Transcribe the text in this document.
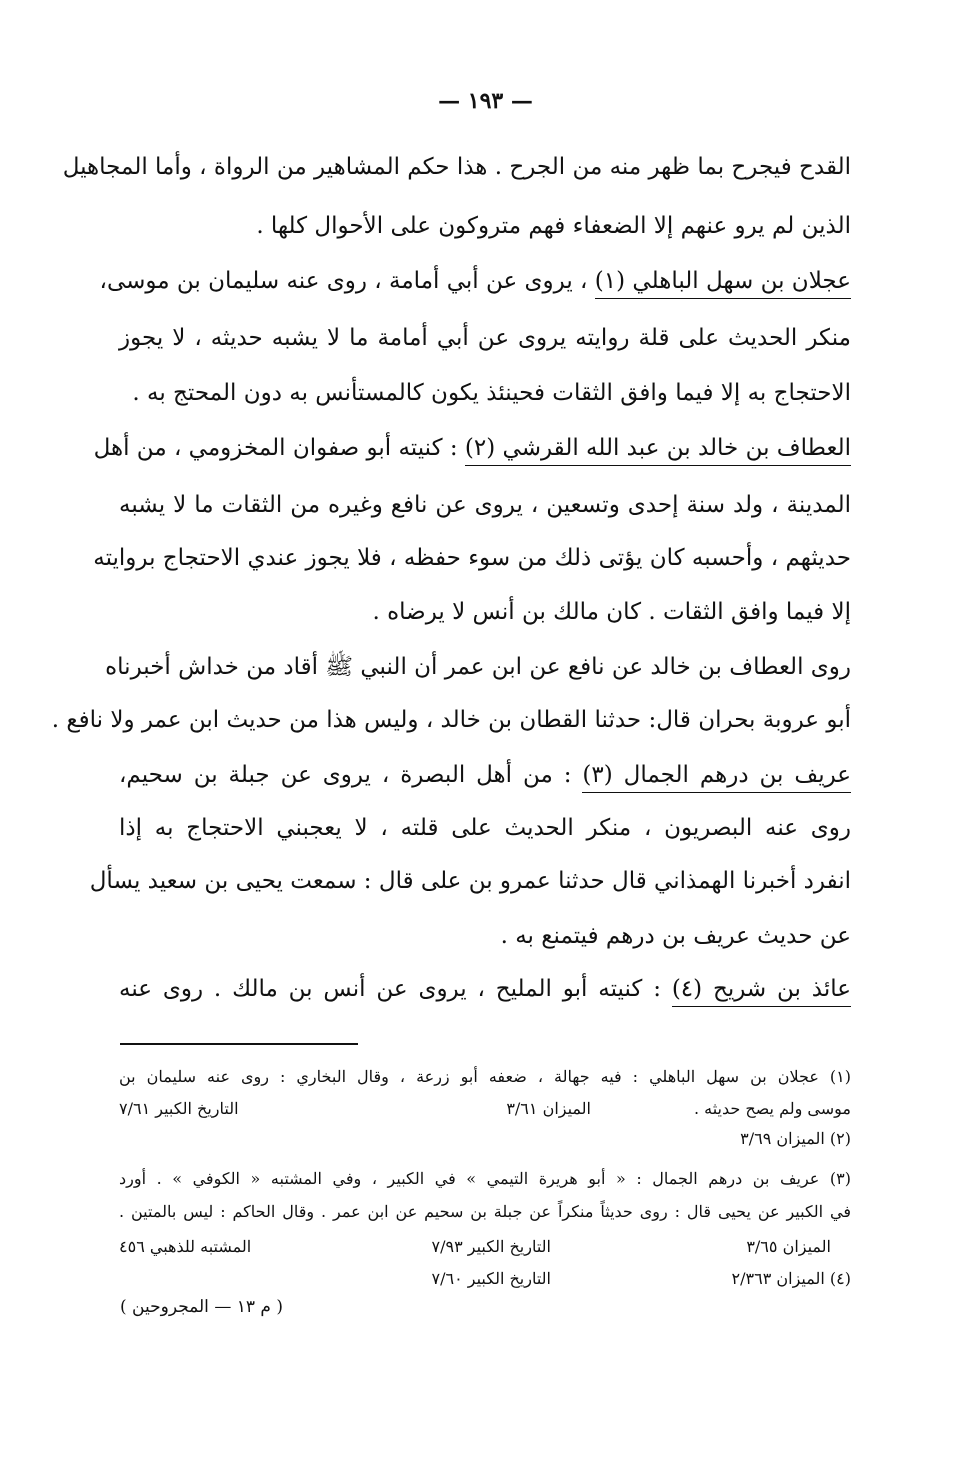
— ١٩٣ —
القدح فيجرح بما ظهر منه من الجرح . هذا حكم المشاهير من الرواة ، وأما المجاهيل
الذين لم يرو عنهم إلا الضعفاء فهم متروكون على الأحوال كلها .
عجلان بن سهل الباهلي (١) ، يروى عن أبي أمامة ، روى عنه سليمان بن موسى،
منكر الحديث على قلة روايته يروى عن أبي أمامة ما لا يشبه حديثه ، لا يجوز
الاحتجاج به إلا فيما وافق الثقات فحينئذ يكون كالمستأنس به دون المحتج به .
العطاف بن خالد بن عبد الله القرشي (٢) : كنيته أبو صفوان المخزومي ، من أهل
المدينة ، ولد سنة إحدى وتسعين ، يروى عن نافع وغيره من الثقات ما لا يشبه
حديثهم ، وأحسبه كان يؤتى ذلك من سوء حفظه ، فلا يجوز عندي الاحتجاج بروايته
إلا فيما وافق الثقات . كان مالك بن أنس لا يرضاه .
روى العطاف بن خالد عن نافع عن ابن عمر أن النبي ﷺ أقاد من خداش أخبرناه
أبو عروبة بحران قال: حدثنا القطان بن خالد ، وليس هذا من حديث ابن عمر ولا نافع .
عريف بن درهم الجمال (٣) : من أهل البصرة ، يروى عن جبلة بن سحيم،
روى عنه البصريون ، منكر الحديث على قلته ، لا يعجبني الاحتجاج به إذا
انفرد أخبرنا الهمذاني قال حدثنا عمرو بن على قال : سمعت يحيى بن سعيد يسأل
عن حديث عريف بن درهم فيتمنع به .
عائذ بن شريح (٤) : كنيته أبو المليح ، يروى عن أنس بن مالك . روى عنه
(١) عجلان بن سهل الباهلي : فيه جهالة ، ضعفه أبو زرعة ، وقال البخاري : روى عنه سليمان بن
موسى ولم يصح حديثه .
الميزان ٣/٦١
التاريخ الكبير ٧/٦١
(٢) الميزان ٣/٦٩
(٣) عريف بن درهم الجمال : « أبو هريرة التيمي » في الكبير ، وفي المشتبه « الكوفي » . أورد
في الكبير عن يحيى قال : روى حديثاً منكراً عن جبلة بن سحيم عن ابن عمر . وقال الحاكم : ليس بالمتين .
الميزان ٣/٦٥
التاريخ الكبير ٧/٩٣
المشتبه للذهبي ٤٥٦
(٤) الميزان ٢/٣٦٣
التاريخ الكبير ٧/٦٠
( م ١٣ — المجروحين )
